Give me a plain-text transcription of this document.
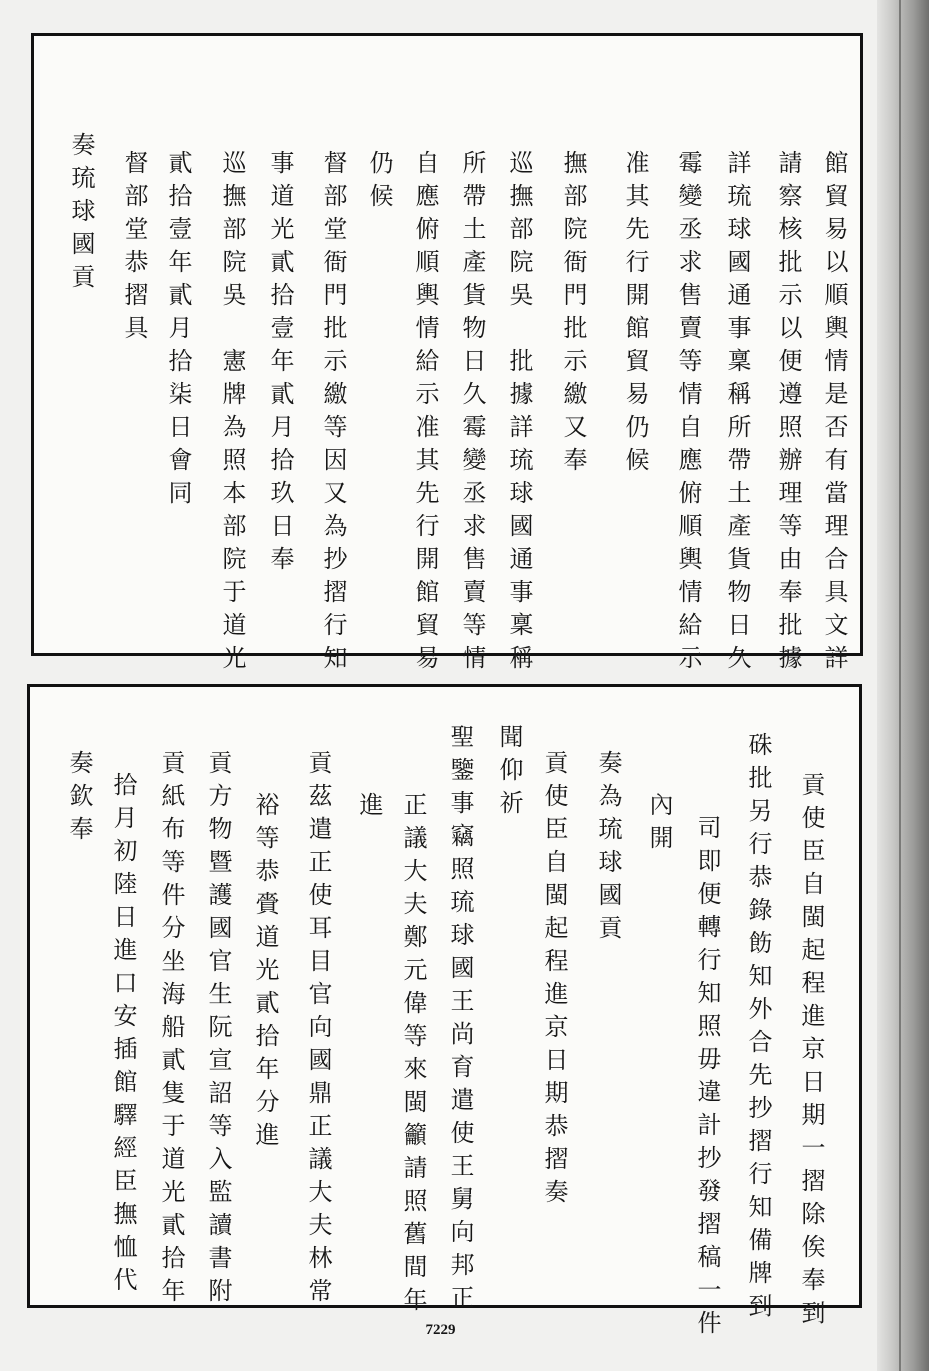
館貿易以順輿情是否有當理合具文詳
請察核批示以便遵照辦理等由奉批據
詳琉球國通事稟稱所帶土產貨物日久
霉變丞求售賣等情自應俯順輿情給示
准其先行開館貿易仍候
撫部院衙門批示繳又奉
巡撫部院吳　批據詳琉球國通事稟稱
所帶土產貨物日久霉變丞求售賣等情
自應俯順輿情給示准其先行開館貿易
仍候
督部堂衙門批示繳等因又為抄摺行知
事道光貳拾壹年貳月拾玖日奉
巡撫部院吳　憲牌為照本部院于道光
貳拾壹年貳月拾柒日會同
督部堂恭摺具
奏琉球國貢
貢使臣自閩起程進京日期一摺除俟奉到
硃批另行恭錄飭知外合先抄摺行知備牌到
司即便轉行知照毋違計抄發摺稿一件
內開
奏為琉球國貢
貢使臣自閩起程進京日期恭摺奏
聞仰祈
聖鑒事竊照琉球國王尚育遣使王舅向邦正
正議大夫鄭元偉等來閩籲請照舊間年
進
貢茲遣正使耳目官向國鼎正議大夫林常
裕等恭賫道光貳拾年分進
貢方物暨護國官生阮宣詔等入監讀書附
貢紙布等件分坐海船貳隻于道光貳拾年
拾月初陸日進口安插館驛經臣撫恤代
奏欽奉
7229
